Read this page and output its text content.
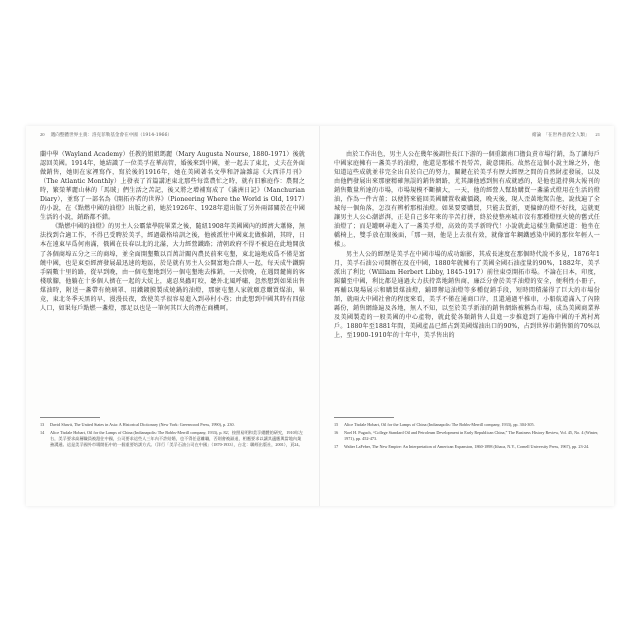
20 邁向整體世界主義：洛克菲勒基金會在中國（1914-1966）

蘭中學（Wayland Academy）任教的姐姐瑪麗（Mary Augusta Nourse, 1880-1971）後就認回美國。1914年，她結識了一位美孚在華高管，婚後來到中國，並一起去了東北，丈夫在外面做銷售，她則在家裡寫作，寫於後的1916年，她在美國著名文學和評論雜誌《大西洋月刊》（The Atlantic Monthly）上發表了首篇講述東北那些每當農忙之時，就有旧雅庭作：農閒之時，繁榮華麗山林的「馬賊」們生活之苦記，後又將之增補寫成了《滿洲日記》（Manchurian Diary），並寫了一部名為《開拓亦者的世界》（Pioneering Where the World is Old, 1917）的小說，在《點燃中國的油燈》出版之前，她於1926年、1928年還出版了另外兩部關於在中國生活的小說，銷路都不錯。

《點燃中國的油燈》的男主人公霸蒙學院畢業之後，隨紐1908年美國國內的經濟大蕭條，無法找到合適工作，不得已受聘於美孚，經過嚴格培訓之後，他被派往中國東北做推銷，其時，日本在遠東早爲何南滿，俄國在長春以北的北滿，大力經營鐵路；清朝政府不得不被迫在此地開放了各個商埠五分之三的商埠，並全面開墾數以百萬計關內農民前來屯墾，東北遍地成爲不僅是富饒中國，也是東亞經濟發展最迅速的地區，於是就有男主人公開富地合群人一起，每天成牛鐵騎手隔數十里的路，從早到晚，由一個屯墾地到另一個屯墾地去推銷，一天傍晚，在遇問麓崗的客棧歇腳，他躺在十多個人擠在一起的大炕上，處忍臭蟲叮咬，聽外北風呼嘯，忽然想到如果出售煤油時，附送一盞帶有燒璃罩、用鐵鍍膜製成燒鍋的油燈，那麼屯墾人家就願意購買煤油，畢竟，東北冬季天黑的早，漫漫長夜，致使美孚很容易進入到尋村小巷；由此想到中國其時有四億人口，如果每戶點燃一盞燈，那足以也是一筆何其巨大的潛在商機呵。

13	David Shavit, The United States in Asia: A Historical Dictionary (New York: Greenwood Press, 1990), p. 230.
14	Alice Tisdale Hobart, Oil for the Lamps of China (Indianapolis: The Bobbs-Merrill company, 1933), p. 82；按照易明和美孚總體的研究，1910年左右，美孚要求高層職員被派往中國，公司要求這些人三年內不許結婚，也不得任意離職，否則會被辭退，相應要求以讓其適應與當地內業務溝通。這是美孚國外市場開拓中的一個重要培訓方式。（洋行「美孚石油公司在中國」（1870-1933），台北：聯經出版社，2001），頁24。
緒論　「在世界意義全人類」 21

由於工作出色，男主人公在幾年後調往長江下游的一個重鎮南口擔負責市場行銷，為了讓每戶中國家庭擁有一盞美孚的油燈，他還是那樣不畏勞苦，銳意開拓。故然在這個小說主線之外，他知道這些成就並非完全出自於自己的努力，關鍵在於美孚有歷大經歷之間的自然財產發展，以及由他們發展出來那麼精確無誤的銷售網路，尤其讓他感到無有成就感的，是他也還持與大報刊的銷售數量所達的市場，市場規模不斷擴大，一天，他的經營人幫助購買一盞滿式燈用在生活的燈油，作為一件古董；以便將來能回美國購置收藏價錢，晚天後，現人歪黃地駕告他，說找遍了全城每一個角落，怎沒有辨析那相油燈。如果要要購買，只能去買新，更偏緯的燈不好找，這就更讓男主人公心潮澎湃，正是自己多年來的辛苦打拼，終於使整座城市沒有那種燈厘火燒的舊式任油燈了；而是罐啊尋進入了一盞美孚燈，高效的美孚新時代！小說就此這樣生動描述道：他坐在轎椅上，雙手放在眼後面，「那一刻，他是上去很有效，就像富年鋼鐵感染中國的那位年輕人一樣」。

男主人公的經歷是美孚在中國市場的成功縮影，其成長速度在那個時代說不多見，1876年1月，美孚石油公司開辦在及在中國，1880年就擁有了美國全國石油產量的90%，1882年，美孚派出了利比（William Herbert Libby, 1845-1917）前往東亞開拓市場。不論在日本，印度，錫蘭至中國，利比都是通過大力扶持當地銷售商，廉泛分會於美孚油燈的安全，便利性小冊子，再輔以現場展示和購買煤油燈，鋪即辦這油燈等多種促銷手段，短時間積滿得了巨大的市場份額，就兩大中國社會的程度來看，美孚不僅在通商口岸，且還通過平推車，小船航道滿入了內陸縣份，銷售網絡遍及各地，無人不知，以至於美孚新油的銷售網絡被稱為市場，成為美國商業界及美國製造的一般美國的中心產物，就此從各類銷售人員進一步推進到了遍佈中國的千萬村萬戶。1880年至1881年間，美國產品已經占到美國煤油出口的90%，占到世界市銷售額的70%以上，至1900-1910年的十年中，美孚售出的

15	Alice Tisdale Hobart, Oil for the Lamps of China (Indianapolis: The Bobbs-Merrill company, 1933), pp. 304-305.
16	Noel H. Pugach, “College Standard Oil and Petroleum Development in Early Republican China,” The Business History Review, Vol. 45, No. 4 (Winter, 1971), pp. 452-473.
17	Walter LaFeber, The New Empire: An Interpretation of American Expansion, 1860-1898 (Ithaca, N.Y., Cornell University Press, 1967), pp. 23-24.
